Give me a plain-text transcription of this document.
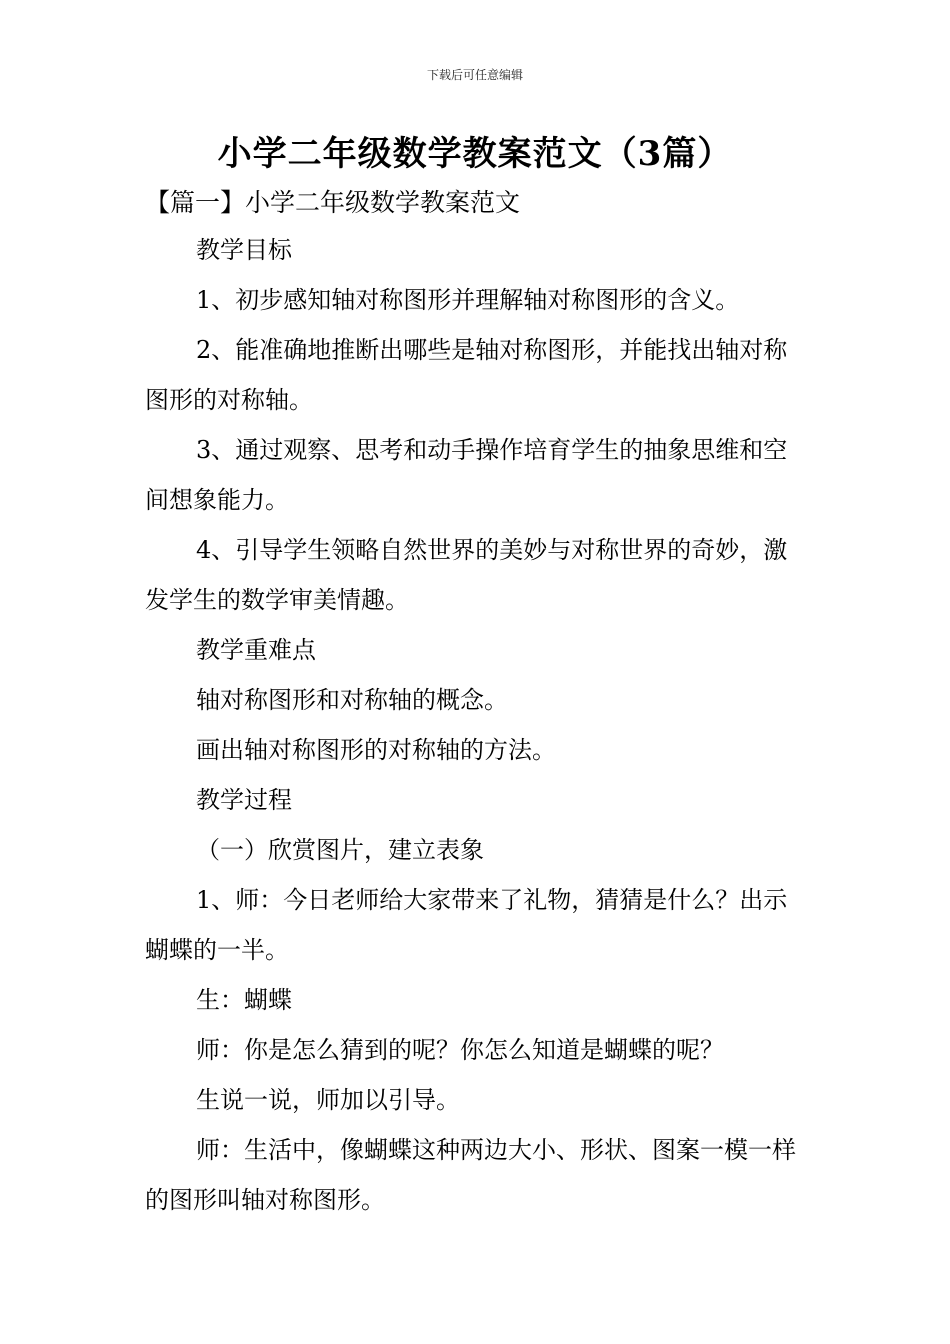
下载后可任意编辑
小学二年级数学教案范文（3篇）
【篇一】小学二年级数学教案范文

教学目标

1、初步感知轴对称图形并理解轴对称图形的含义。

2、能准确地推断出哪些是轴对称图形，并能找出轴对称图形的对称轴。

3、通过观察、思考和动手操作培育学生的抽象思维和空间想象能力。

4、引导学生领略自然世界的美妙与对称世界的奇妙，激发学生的数学审美情趣。

教学重难点

轴对称图形和对称轴的概念。

画出轴对称图形的对称轴的方法。

教学过程

（一）欣赏图片，建立表象

1、师：今日老师给大家带来了礼物，猜猜是什么？出示蝴蝶的一半。

生：蝴蝶

师：你是怎么猜到的呢？你怎么知道是蝴蝶的呢？

生说一说，师加以引导。

师：生活中，像蝴蝶这种两边大小、形状、图案一模一样的图形叫轴对称图形。
